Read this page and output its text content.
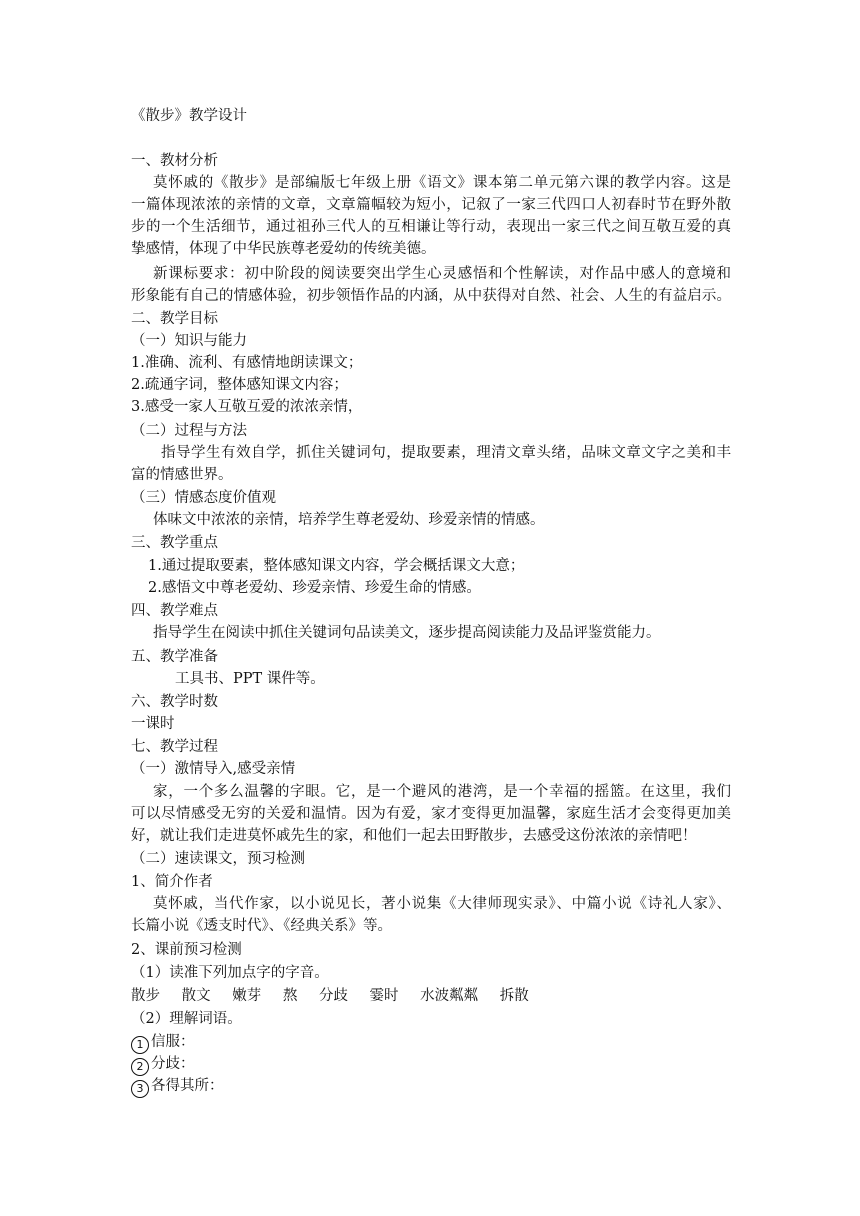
《散步》教学设计
一、教材分析
莫怀戚的《散步》是部编版七年级上册《语文》课本第二单元第六课的教学内容。这是
一篇体现浓浓的亲情的文章，文章篇幅较为短小，记叙了一家三代四口人初春时节在野外散
步的一个生活细节，通过祖孙三代人的互相谦让等行动，表现出一家三代之间互敬互爱的真
挚感情，体现了中华民族尊老爱幼的传统美德。
新课标要求：初中阶段的阅读要突出学生心灵感悟和个性解读，对作品中感人的意境和
形象能有自己的情感体验，初步领悟作品的内涵，从中获得对自然、社会、人生的有益启示。
二、教学目标
（一）知识与能力
1.准确、流利、有感情地朗读课文；
2.疏通字词，整体感知课文内容；
3.感受一家人互敬互爱的浓浓亲情，
（二）过程与方法
指导学生有效自学，抓住关键词句，提取要素，理清文章头绪，品味文章文字之美和丰
富的情感世界。
（三）情感态度价值观
体味文中浓浓的亲情，培养学生尊老爱幼、珍爱亲情的情感。
三、教学重点
1.通过提取要素，整体感知课文内容，学会概括课文大意；
2.感悟文中尊老爱幼、珍爱亲情、珍爱生命的情感。
四、教学难点
指导学生在阅读中抓住关键词句品读美文，逐步提高阅读能力及品评鉴赏能力。
五、教学准备
工具书、PPT 课件等。
六、教学时数
一课时
七、教学过程
（一）激情导入,感受亲情
家，一个多么温馨的字眼。它，是一个避风的港湾，是一个幸福的摇篮。在这里，我们
可以尽情感受无穷的关爱和温情。因为有爱，家才变得更加温馨，家庭生活才会变得更加美
好，就让我们走进莫怀戚先生的家，和他们一起去田野散步，去感受这份浓浓的亲情吧！
（二）速读课文，预习检测
1、简介作者
莫怀戚，当代作家，以小说见长，著小说集《大律师现实录》、中篇小说《诗礼人家》、
长篇小说《透支时代》、《经典关系》等。
2、课前预习检测
（1）读准下列加点字的字音。
散步 散文 嫩芽 熬 分歧 霎时 水波粼粼 拆散
（2）理解词语。
1 信服：
2 分歧：
3 各得其所：
